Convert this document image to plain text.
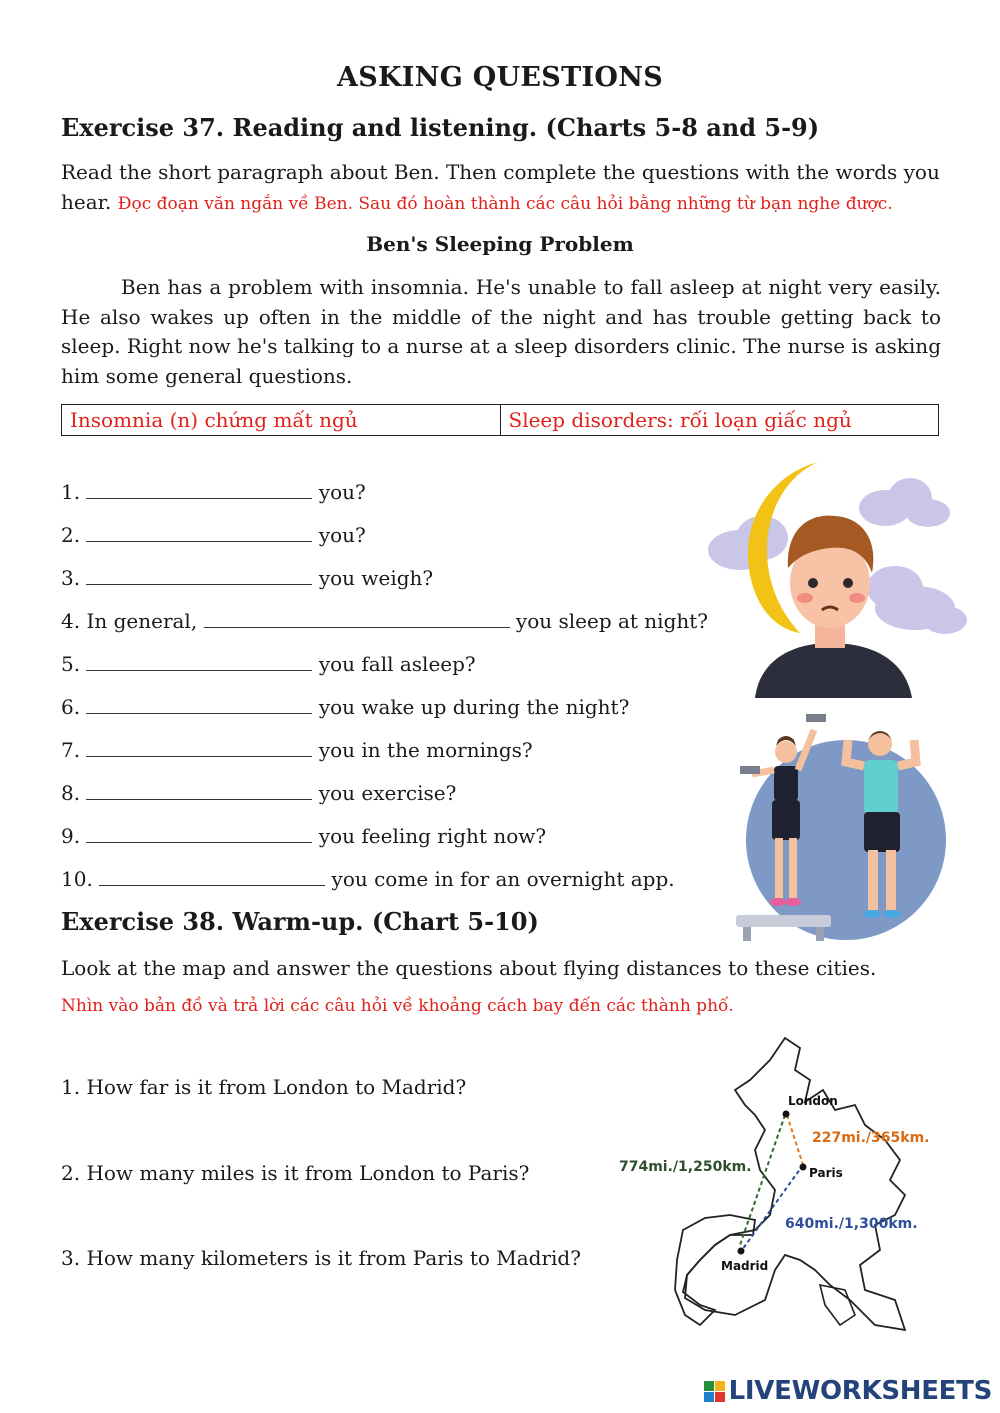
ASKING QUESTIONS
Exercise 37. Reading and listening. (Charts 5-8 and 5-9)
Read the short paragraph about Ben. Then complete the questions with the words you hear. Đọc đoạn văn ngắn về Ben. Sau đó hoàn thành các câu hỏi bằng những từ bạn nghe được.
Ben's Sleeping Problem
Ben has a problem with insomnia. He's unable to fall asleep at night very easily. He also wakes up often in the middle of the night and has trouble getting back to sleep. Right now he's talking to a nurse at a sleep disorders clinic. The nurse is asking him some general questions.
Insomnia (n) chứng mất ngủ	Sleep disorders: rối loạn giấc ngủ
1.	you?
2.	you?
3.	you weigh?
4. In general,	you sleep at night?
5.	you fall asleep?
6.	you wake up during the night?
7.	you in the mornings?
8.	you exercise?
9.	you feeling right now?
10.	you come in for an overnight app.
Exercise 38. Warm-up. (Chart 5-10)
Look at the map and answer the questions about flying distances to these cities.
Nhìn vào bản đồ và trả lời các câu hỏi về khoảng cách bay đến các thành phố.
1. How far is it from London to Madrid?
2. How many miles is it from London to Paris?
3. How many kilometers is it from Paris to Madrid?
London
Paris
Madrid
227mi./365km.
774mi./1,250km.
640mi./1,300km.
LIVEWORKSHEETS
